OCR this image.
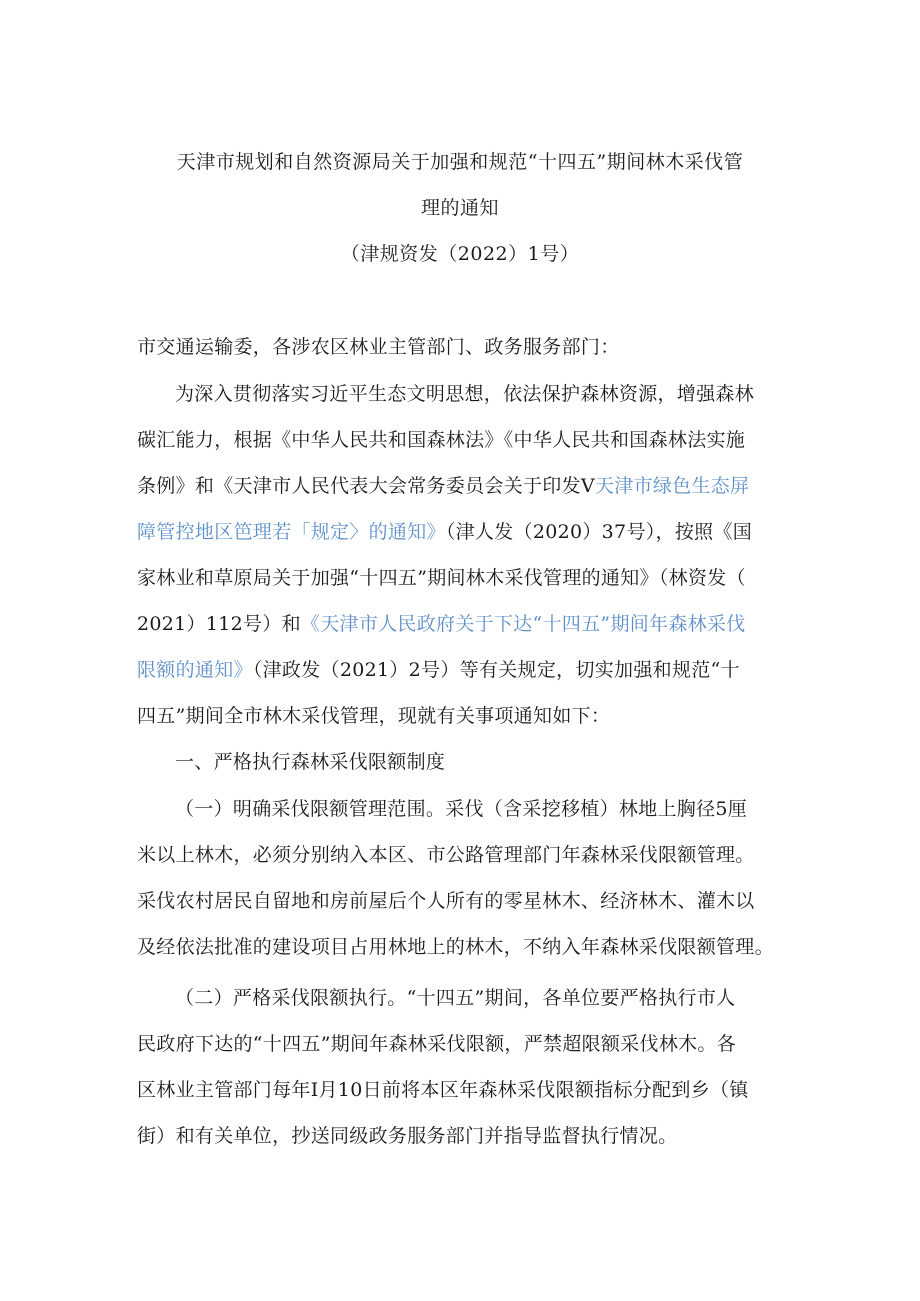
天津市规划和自然资源局关于加强和规范“十四五”期间林木采伐管
理的通知
（津规资发（2022）1号）
市交通运输委，各涉农区林业主管部门、政务服务部门：
为深入贯彻落实习近平生态文明思想，依法保护森林资源，增强森林
碳汇能力，根据《中华人民共和国森林法》《中华人民共和国森林法实施
条例》和《天津市人民代表大会常务委员会关于印发Ⅴ天津市绿色生态屏
障管控地区笆理若「规定〉的通知》（津人发（2020）37号），按照《国
家林业和草原局关于加强“十四五”期间林木采伐管理的通知》（林资发（
2021）112号）和《天津市人民政府关于下达“十四五”期间年森林采伐
限额的通知》（津政发（2021）2号）等有关规定，切实加强和规范“十
四五”期间全市林木采伐管理，现就有关事项通知如下：
一、严格执行森林采伐限额制度
（一）明确采伐限额管理范围。采伐（含采挖移植）林地上胸径5厘
米以上林木，必须分别纳入本区、市公路管理部门年森林采伐限额管理。
采伐农村居民自留地和房前屋后个人所有的零星林木、经济林木、灌木以
及经依法批准的建设项目占用林地上的林木，不纳入年森林采伐限额管理。
（二）严格采伐限额执行。“十四五”期间，各单位要严格执行市人
民政府下达的“十四五”期间年森林采伐限额，严禁超限额采伐林木。各
区林业主管部门每年Ⅰ月10日前将本区年森林采伐限额指标分配到乡（镇
街）和有关单位，抄送同级政务服务部门并指导监督执行情况。
